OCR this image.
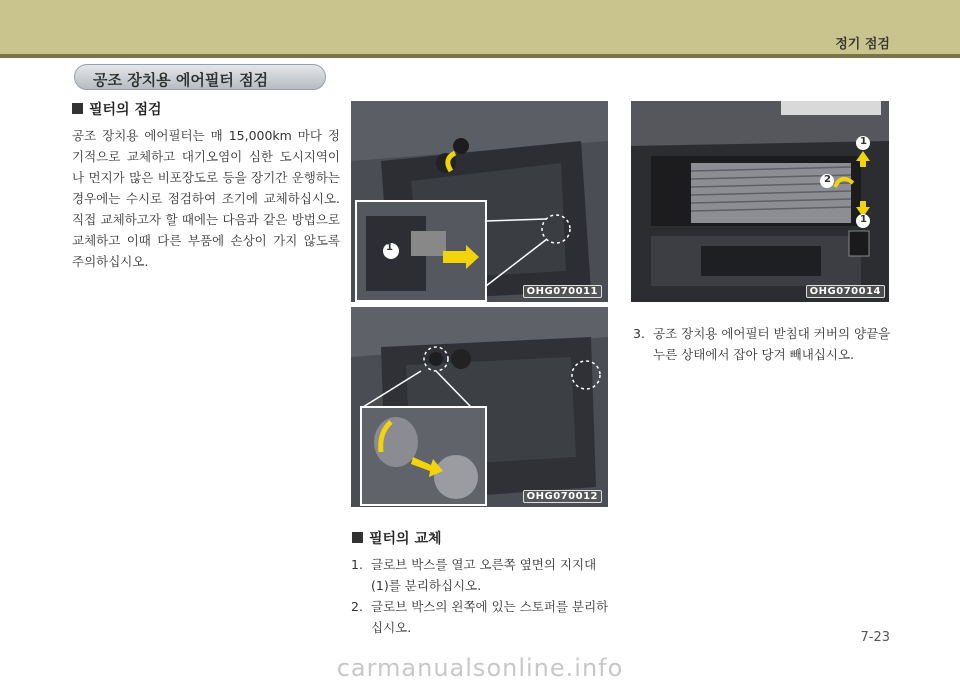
정기 점검
공조 장치용 에어필터 점검
필터의 점검
공조 장치용 에어필터는 매 15,000km 마다 정기적으로 교체하고 대기오염이 심한 도시지역이나 먼지가 많은 비포장도로 등을 장기간 운행하는 경우에는 수시로 점검하여 조기에 교체하십시오. 직접 교체하고자 할 때에는 다음과 같은 방법으로 교체하고 이때 다른 부품에 손상이 가지 않도록 주의하십시오.
1
OHG070011
OHG070012
1
2
1
OHG070014
3. 공조 장치용 에어필터 받침대 커버의 양끝을 누른 상태에서 잡아 당겨 빼내십시오.
필터의 교체
1. 글로브 박스를 열고 오른쪽 옆면의 지지대(1)를 분리하십시오.
2. 글로브 박스의 왼쪽에 있는 스토퍼를 분리하십시오.
7-23
carmanualsonline.info
